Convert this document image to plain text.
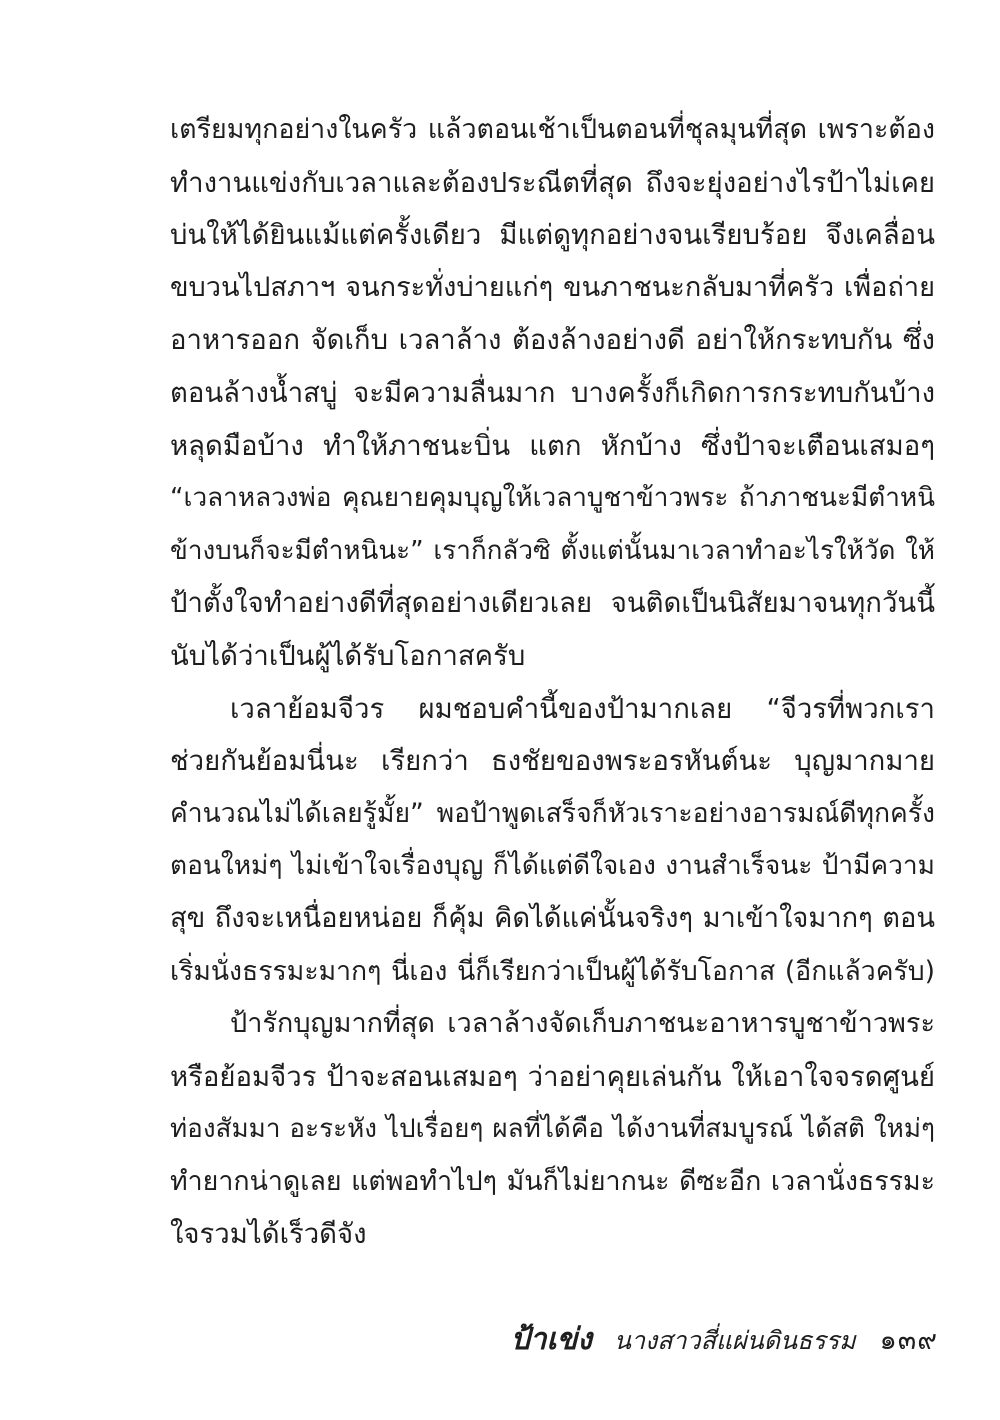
เตรียมทุกอย่างในครัว แล้วตอนเช้าเป็นตอนที่ชุลมุนที่สุด เพราะต้อง
ทำงานแข่งกับเวลาและต้องประณีตที่สุด ถึงจะยุ่งอย่างไรป้าไม่เคย
บ่นให้ได้ยินแม้แต่ครั้งเดียว มีแต่ดูทุกอย่างจนเรียบร้อย จึงเคลื่อน
ขบวนไปสภาฯ จนกระทั่งบ่ายแก่ๆ ขนภาชนะกลับมาที่ครัว เพื่อถ่าย
อาหารออก จัดเก็บ เวลาล้าง ต้องล้างอย่างดี อย่าให้กระทบกัน ซึ่ง
ตอนล้างน้ำสบู่ จะมีความลื่นมาก บางครั้งก็เกิดการกระทบกันบ้าง
หลุดมือบ้าง ทำให้ภาชนะบิ่น แตก หักบ้าง ซึ่งป้าจะเตือนเสมอๆ
“เวลาหลวงพ่อ คุณยายคุมบุญให้เวลาบูชาข้าวพระ ถ้าภาชนะมีตำหนิ
ข้างบนก็จะมีตำหนินะ” เราก็กลัวซิ ตั้งแต่นั้นมาเวลาทำอะไรให้วัด ให้
ป้าตั้งใจทำอย่างดีที่สุดอย่างเดียวเลย จนติดเป็นนิสัยมาจนทุกวันนี้
นับได้ว่าเป็นผู้ได้รับโอกาสครับ
เวลาย้อมจีวร ผมชอบคำนี้ของป้ามากเลย “จีวรที่พวกเรา
ช่วยกันย้อมนี่นะ เรียกว่า ธงชัยของพระอรหันต์นะ บุญมากมาย
คำนวณไม่ได้เลยรู้มั้ย” พอป้าพูดเสร็จก็หัวเราะอย่างอารมณ์ดีทุกครั้ง
ตอนใหม่ๆ ไม่เข้าใจเรื่องบุญ ก็ได้แต่ดีใจเอง งานสำเร็จนะ ป้ามีความ
สุข ถึงจะเหนื่อยหน่อย ก็คุ้ม คิดได้แค่นั้นจริงๆ มาเข้าใจมากๆ ตอน
เริ่มนั่งธรรมะมากๆ นี่เอง นี่ก็เรียกว่าเป็นผู้ได้รับโอกาส (อีกแล้วครับ)
ป้ารักบุญมากที่สุด เวลาล้างจัดเก็บภาชนะอาหารบูชาข้าวพระ
หรือย้อมจีวร ป้าจะสอนเสมอๆ ว่าอย่าคุยเล่นกัน ให้เอาใจจรดศูนย์
ท่องสัมมา อะระหัง ไปเรื่อยๆ ผลที่ได้คือ ได้งานที่สมบูรณ์ ได้สติ ใหม่ๆ
ทำยากน่าดูเลย แต่พอทำไปๆ มันก็ไม่ยากนะ ดีซะอีก เวลานั่งธรรมะ
ใจรวมได้เร็วดีจัง
ป้าเข่ง นางสาวสี่แผ่นดินธรรม ๑๓๙
